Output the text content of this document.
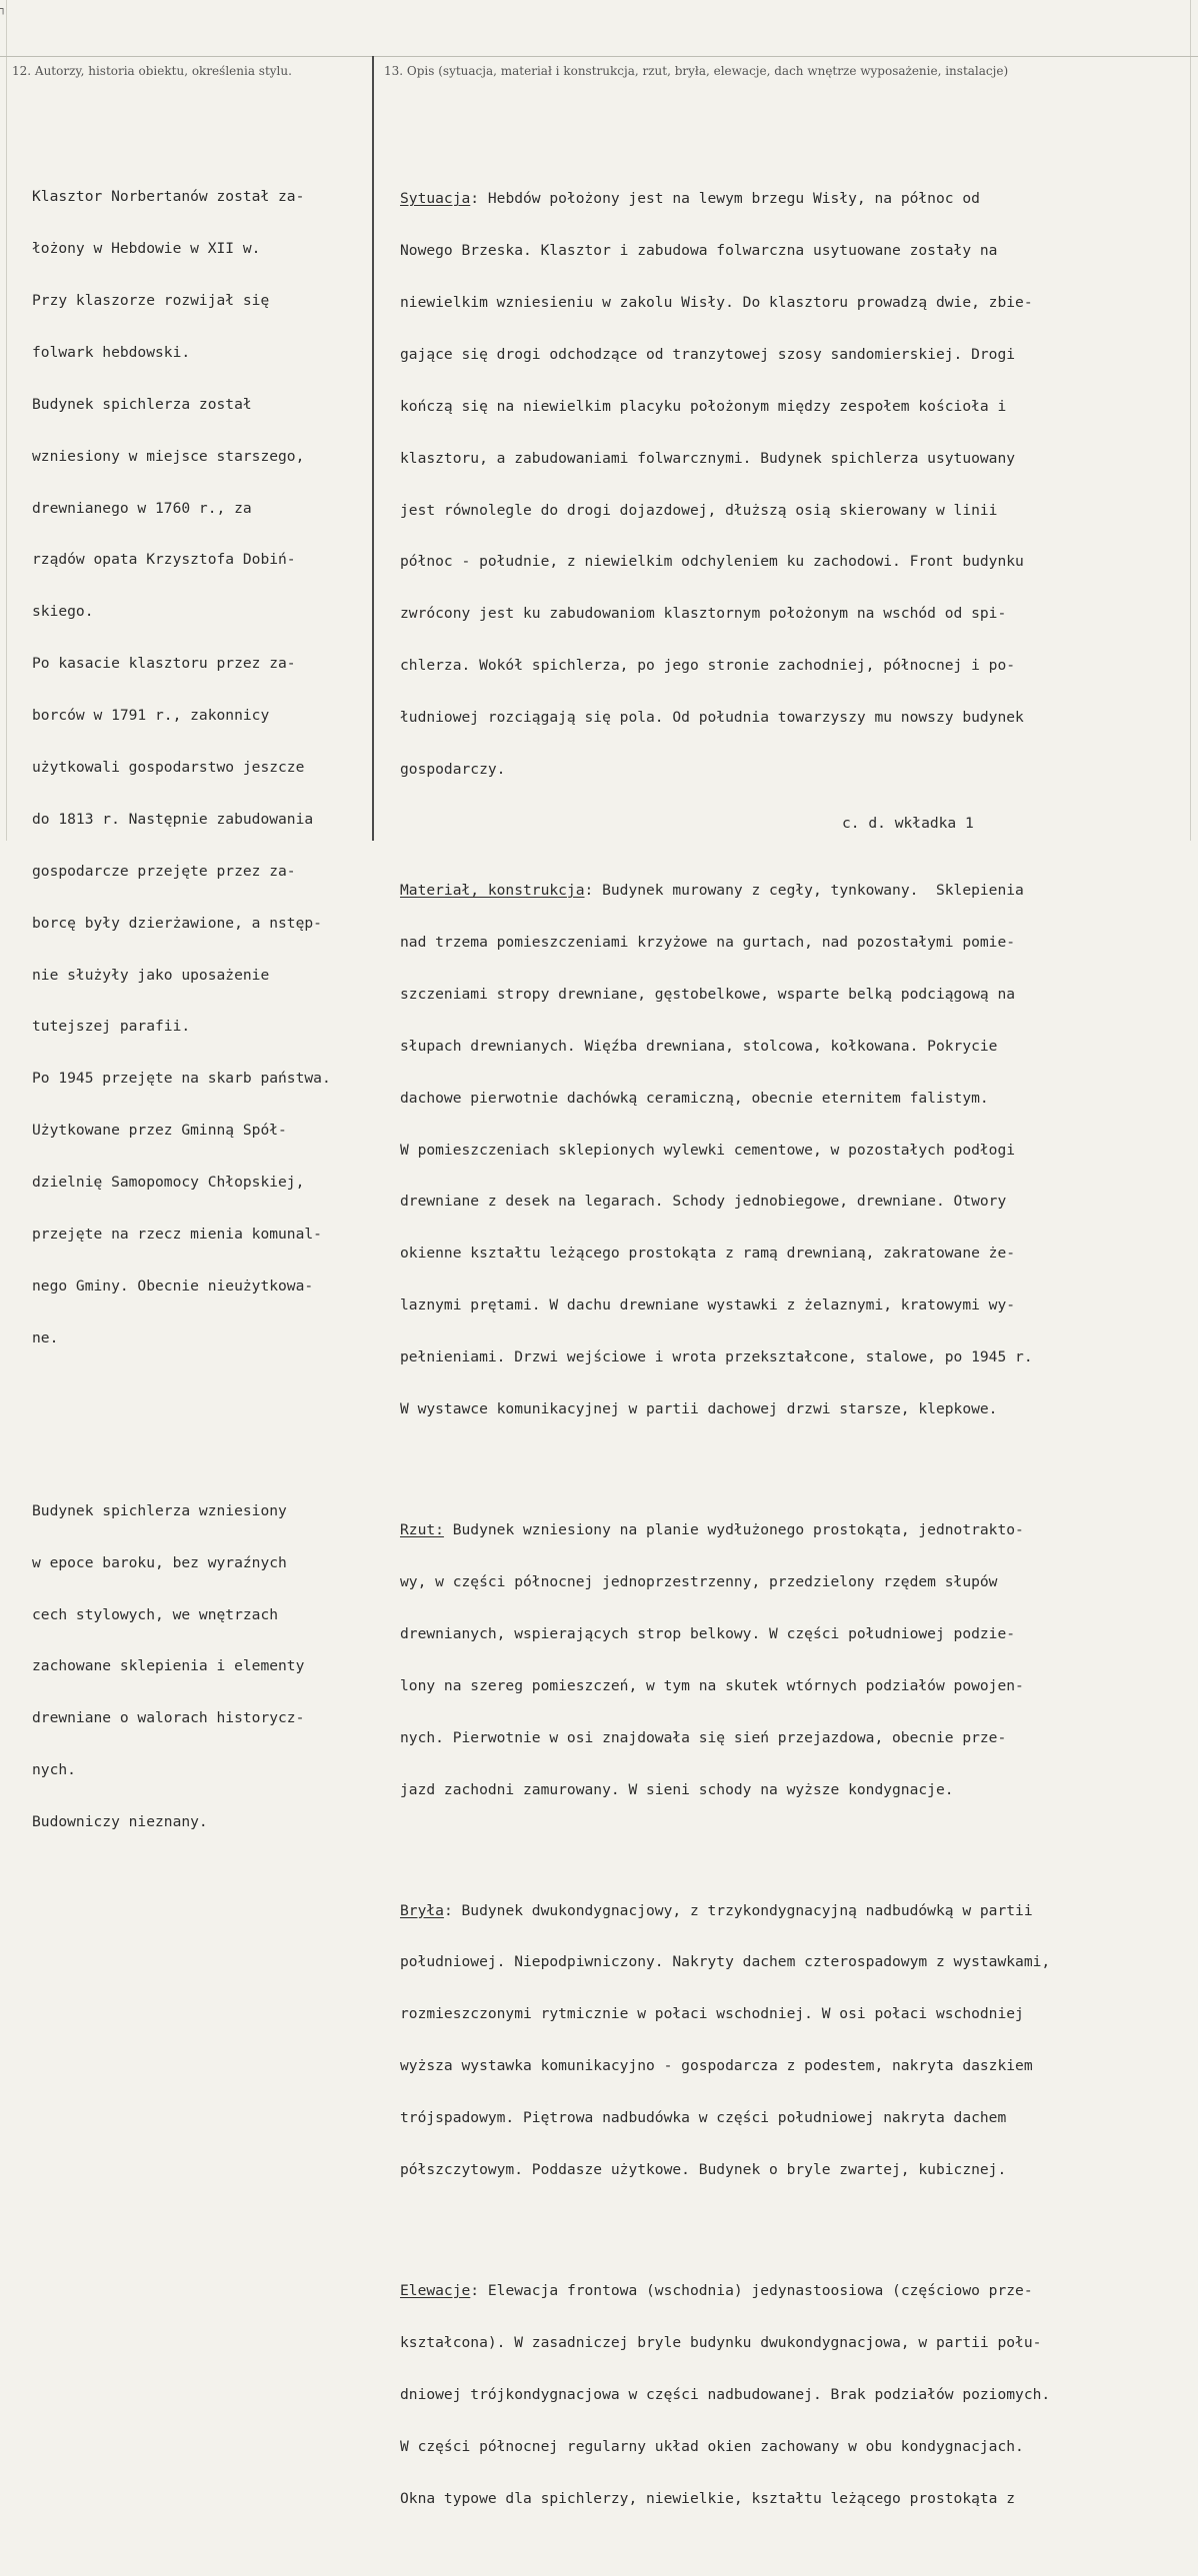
┐
12. Autorzy, historia obiektu, określenia stylu.	13. Opis (sytuacja, materiał i konstrukcja, rzut, bryła, elewacje, dach wnętrze wyposażenie, instalacje)

Klasztor Norbertanów został za-

łożony w Hebdowie w XII w.

Przy klaszorze rozwijał się

folwark hebdowski.

Budynek spichlerza został

wzniesiony w miejsce starszego,

drewnianego w 1760 r., za

rządów opata Krzysztofa Dobiń-

skiego.

Po kasacie klasztoru przez za-

borców w 1791 r., zakonnicy

użytkowali gospodarstwo jeszcze

do 1813 r. Następnie zabudowania

gospodarcze przejęte przez za-

borcę były dzierżawione, a nstęp-

nie służyły jako uposażenie

tutejszej parafii.

Po 1945 przejęte na skarb państwa.

Użytkowane przez Gminną Spół-

dzielnię Samopomocy Chłopskiej,

przejęte na rzecz mienia komunal-

nego Gminy. Obecnie nieużytkowa-

ne.

Budynek spichlerza wzniesiony

w epoce baroku, bez wyraźnych

cech stylowych, we wnętrzach

zachowane sklepienia i elementy

drewniane o walorach historycz-

nych.

Budowniczy nieznany.

Sytuacja: Hebdów położony jest na lewym brzegu Wisły, na północ od

Nowego Brzeska. Klasztor i zabudowa folwarczna usytuowane zostały na

niewielkim wzniesieniu w zakolu Wisły. Do klasztoru prowadzą dwie, zbie-

gające się drogi odchodzące od tranzytowej szosy sandomierskiej. Drogi

kończą się na niewielkim placyku położonym między zespołem kościoła i

klasztoru, a zabudowaniami folwarcznymi. Budynek spichlerza usytuowany

jest równolegle do drogi dojazdowej, dłuższą osią skierowany w linii

północ - południe, z niewielkim odchyleniem ku zachodowi. Front budynku

zwrócony jest ku zabudowaniom klasztornym położonym na wschód od spi-

chlerza. Wokół spichlerza, po jego stronie zachodniej, północnej i po-

łudniowej rozciągają się pola. Od południa towarzyszy mu nowszy budynek

gospodarczy.

Materiał, konstrukcja: Budynek murowany z cegły, tynkowany.  Sklepienia

nad trzema pomieszczeniami krzyżowe na gurtach, nad pozostałymi pomie-

szczeniami stropy drewniane, gęstobelkowe, wsparte belką podciągową na

słupach drewnianych. Więźba drewniana, stolcowa, kołkowana. Pokrycie

dachowe pierwotnie dachówką ceramiczną, obecnie eternitem falistym.

W pomieszczeniach sklepionych wylewki cementowe, w pozostałych podłogi

drewniane z desek na legarach. Schody jednobiegowe, drewniane. Otwory

okienne kształtu leżącego prostokąta z ramą drewnianą, zakratowane że-

laznymi prętami. W dachu drewniane wystawki z żelaznymi, kratowymi wy-

pełnieniami. Drzwi wejściowe i wrota przekształcone, stalowe, po 1945 r.

W wystawce komunikacyjnej w partii dachowej drzwi starsze, klepkowe.

Rzut: Budynek wzniesiony na planie wydłużonego prostokąta, jednotrakto-

wy, w części północnej jednoprzestrzenny, przedzielony rzędem słupów

drewnianych, wspierających strop belkowy. W części południowej podzie-

lony na szereg pomieszczeń, w tym na skutek wtórnych podziałów powojen-

nych. Pierwotnie w osi znajdowała się sień przejazdowa, obecnie prze-

jazd zachodni zamurowany. W sieni schody na wyższe kondygnacje.

Bryła: Budynek dwukondygnacjowy, z trzykondygnacyjną nadbudówką w partii

południowej. Niepodpiwniczony. Nakryty dachem czterospadowym z wystawkami,

rozmieszczonymi rytmicznie w połaci wschodniej. W osi połaci wschodniej

wyższa wystawka komunikacyjno - gospodarcza z podestem, nakryta daszkiem

trójspadowym. Piętrowa nadbudówka w części południowej nakryta dachem

półszczytowym. Poddasze użytkowe. Budynek o bryle zwartej, kubicznej.

Elewacje: Elewacja frontowa (wschodnia) jedynastoosiowa (częściowo prze-

kształcona). W zasadniczej bryle budynku dwukondygnacjowa, w partii połu-

dniowej trójkondygnacjowa w części nadbudowanej. Brak podziałów poziomych.

W części północnej regularny układ okien zachowany w obu kondygnacjach.

Okna typowe dla spichlerzy, niewielkie, kształtu leżącego prostokąta z

c. d. wkładka 1
